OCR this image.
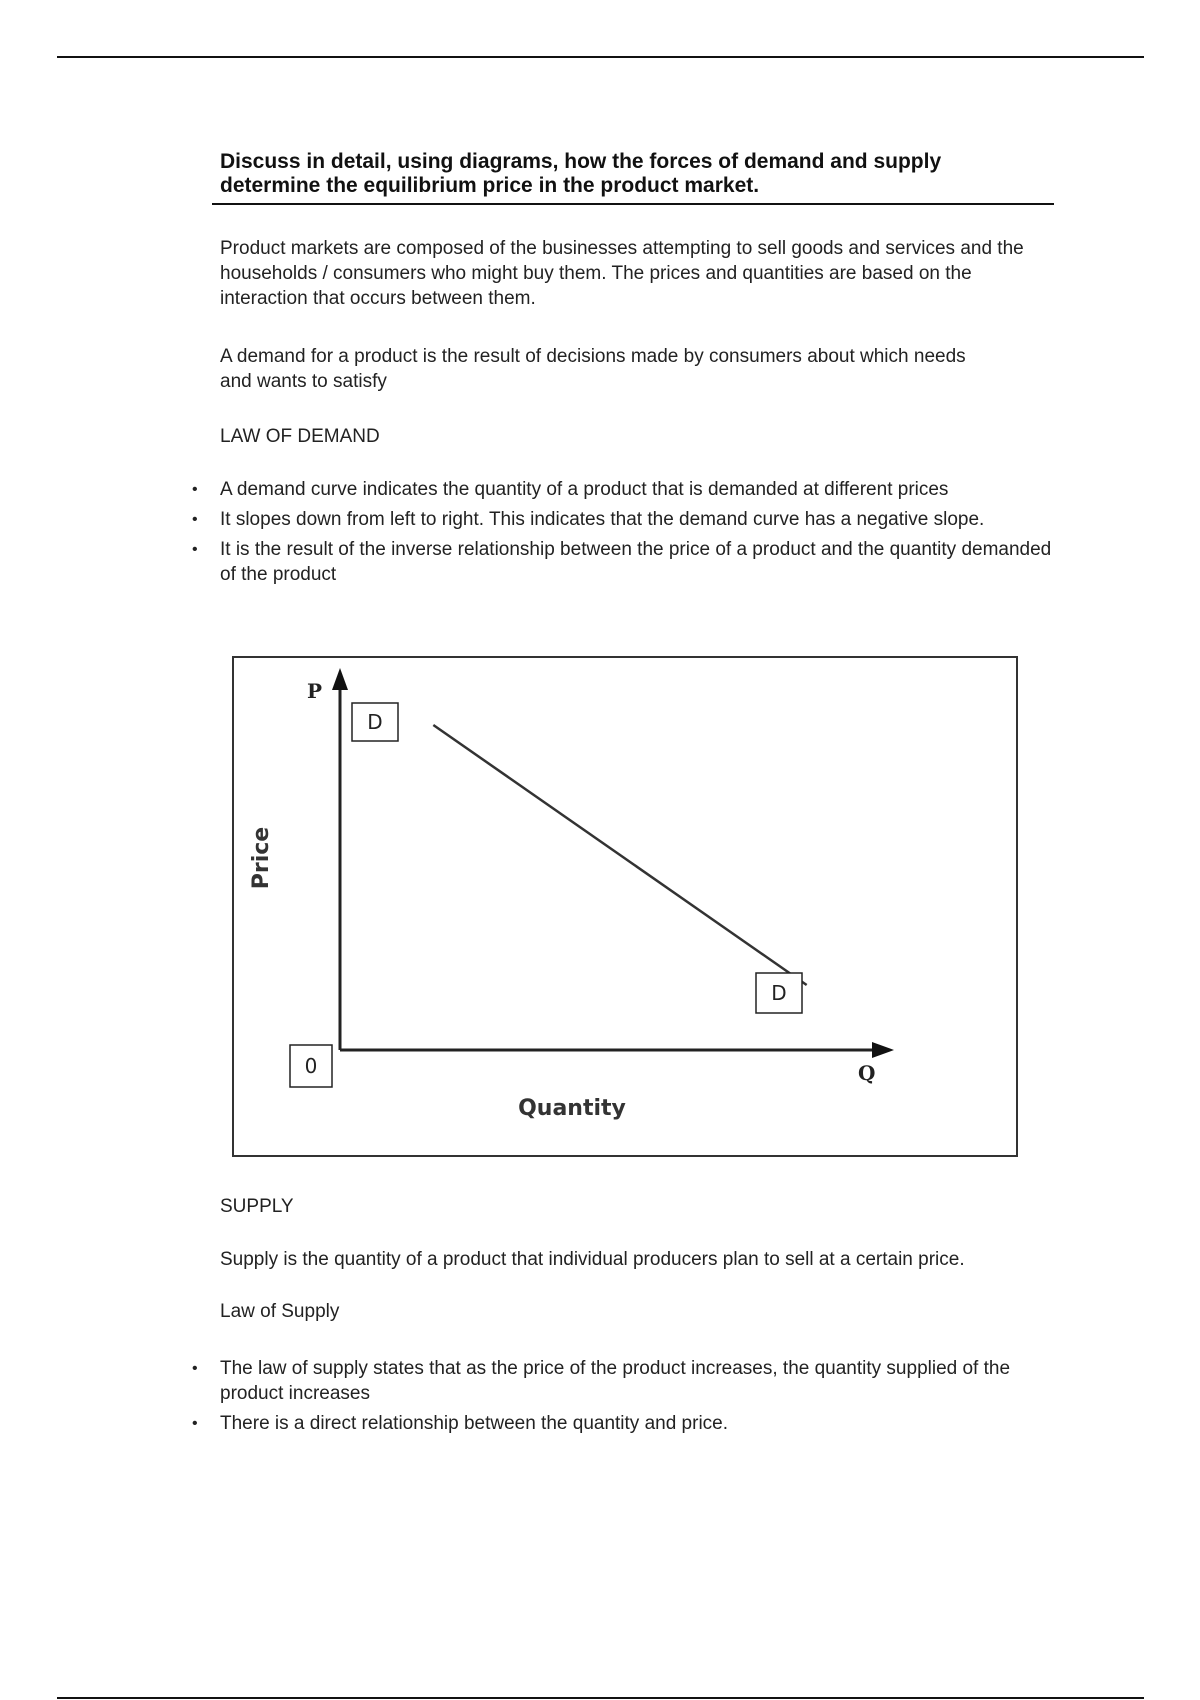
Discuss in detail, using diagrams, how the forces of demand and supply

determine the equilibrium price in the product market.

Product markets are composed of the businesses attempting to sell goods and services and the households / consumers who might buy them. The prices and quantities are based on the interaction that occurs between them.

A demand for a product is the result of decisions made by consumers about which needs and wants to satisfy

LAW OF DEMAND

• A demand curve indicates the quantity of a product that is demanded at different prices
• It slopes down from left to right. This indicates that the demand curve has a negative slope.
• It is the result of the inverse relationship between the price of a product and the quantity demanded of the product
P
Q
Price
Quantity
D
D
0

SUPPLY

Supply is the quantity of a product that individual producers plan to sell at a certain price.

Law of Supply

• The law of supply states that as the price of the product increases, the quantity supplied of the product increases
• There is a direct relationship between the quantity and price.
